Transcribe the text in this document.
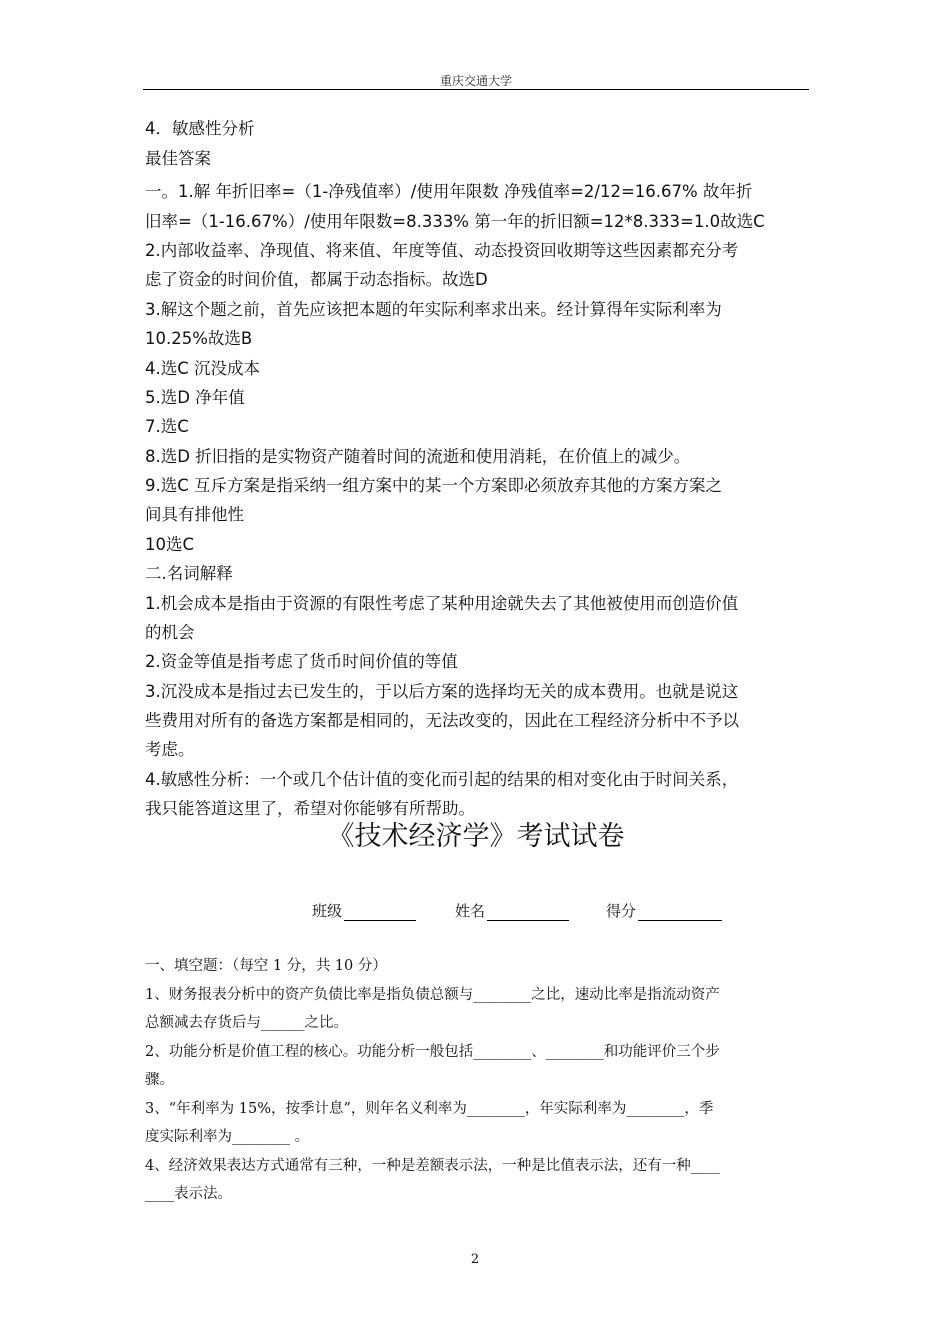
重庆交通大学
4．敏感性分析
最佳答案
一。1.解 年折旧率=（1-净残值率）/使用年限数 净残值率=2/12=16.67% 故年折
旧率=（1-16.67%）/使用年限数=8.333% 第一年的折旧额=12*8.333=1.0故选C
2.内部收益率、净现值、将来值、年度等值、动态投资回收期等这些因素都充分考
虑了资金的时间价值，都属于动态指标。故选D
3.解这个题之前，首先应该把本题的年实际利率求出来。经计算得年实际利率为
10.25%故选B
4.选C 沉没成本
5.选D 净年值
7.选C
8.选D 折旧指的是实物资产随着时间的流逝和使用消耗，在价值上的减少。
9.选C 互斥方案是指采纳一组方案中的某一个方案即必须放弃其他的方案方案之
间具有排他性
10选C
二.名词解释
1.机会成本是指由于资源的有限性考虑了某种用途就失去了其他被使用而创造价值
的机会
2.资金等值是指考虑了货币时间价值的等值
3.沉没成本是指过去已发生的，于以后方案的选择均无关的成本费用。也就是说这
些费用对所有的备选方案都是相同的，无法改变的，因此在工程经济分析中不予以
考虑。
4.敏感性分析：一个或几个估计值的变化而引起的结果的相对变化由于时间关系，
我只能答道这里了，希望对你能够有所帮助。
《技术经济学》考试试卷
班级	姓名	得分
一、填空题：（每空 1 分，共 10 分）
1、财务报表分析中的资产负债比率是指负债总额与________之比，速动比率是指流动资产
总额减去存货后与______之比。
2、功能分析是价值工程的核心。功能分析一般包括________、________和功能评价三个步
骤。
3、“年利率为 15%，按季计息”，则年名义利率为________，年实际利率为________，季
度实际利率为________ 。
4、经济效果表达方式通常有三种，一种是差额表示法，一种是比值表示法，还有一种____
____表示法。
2
